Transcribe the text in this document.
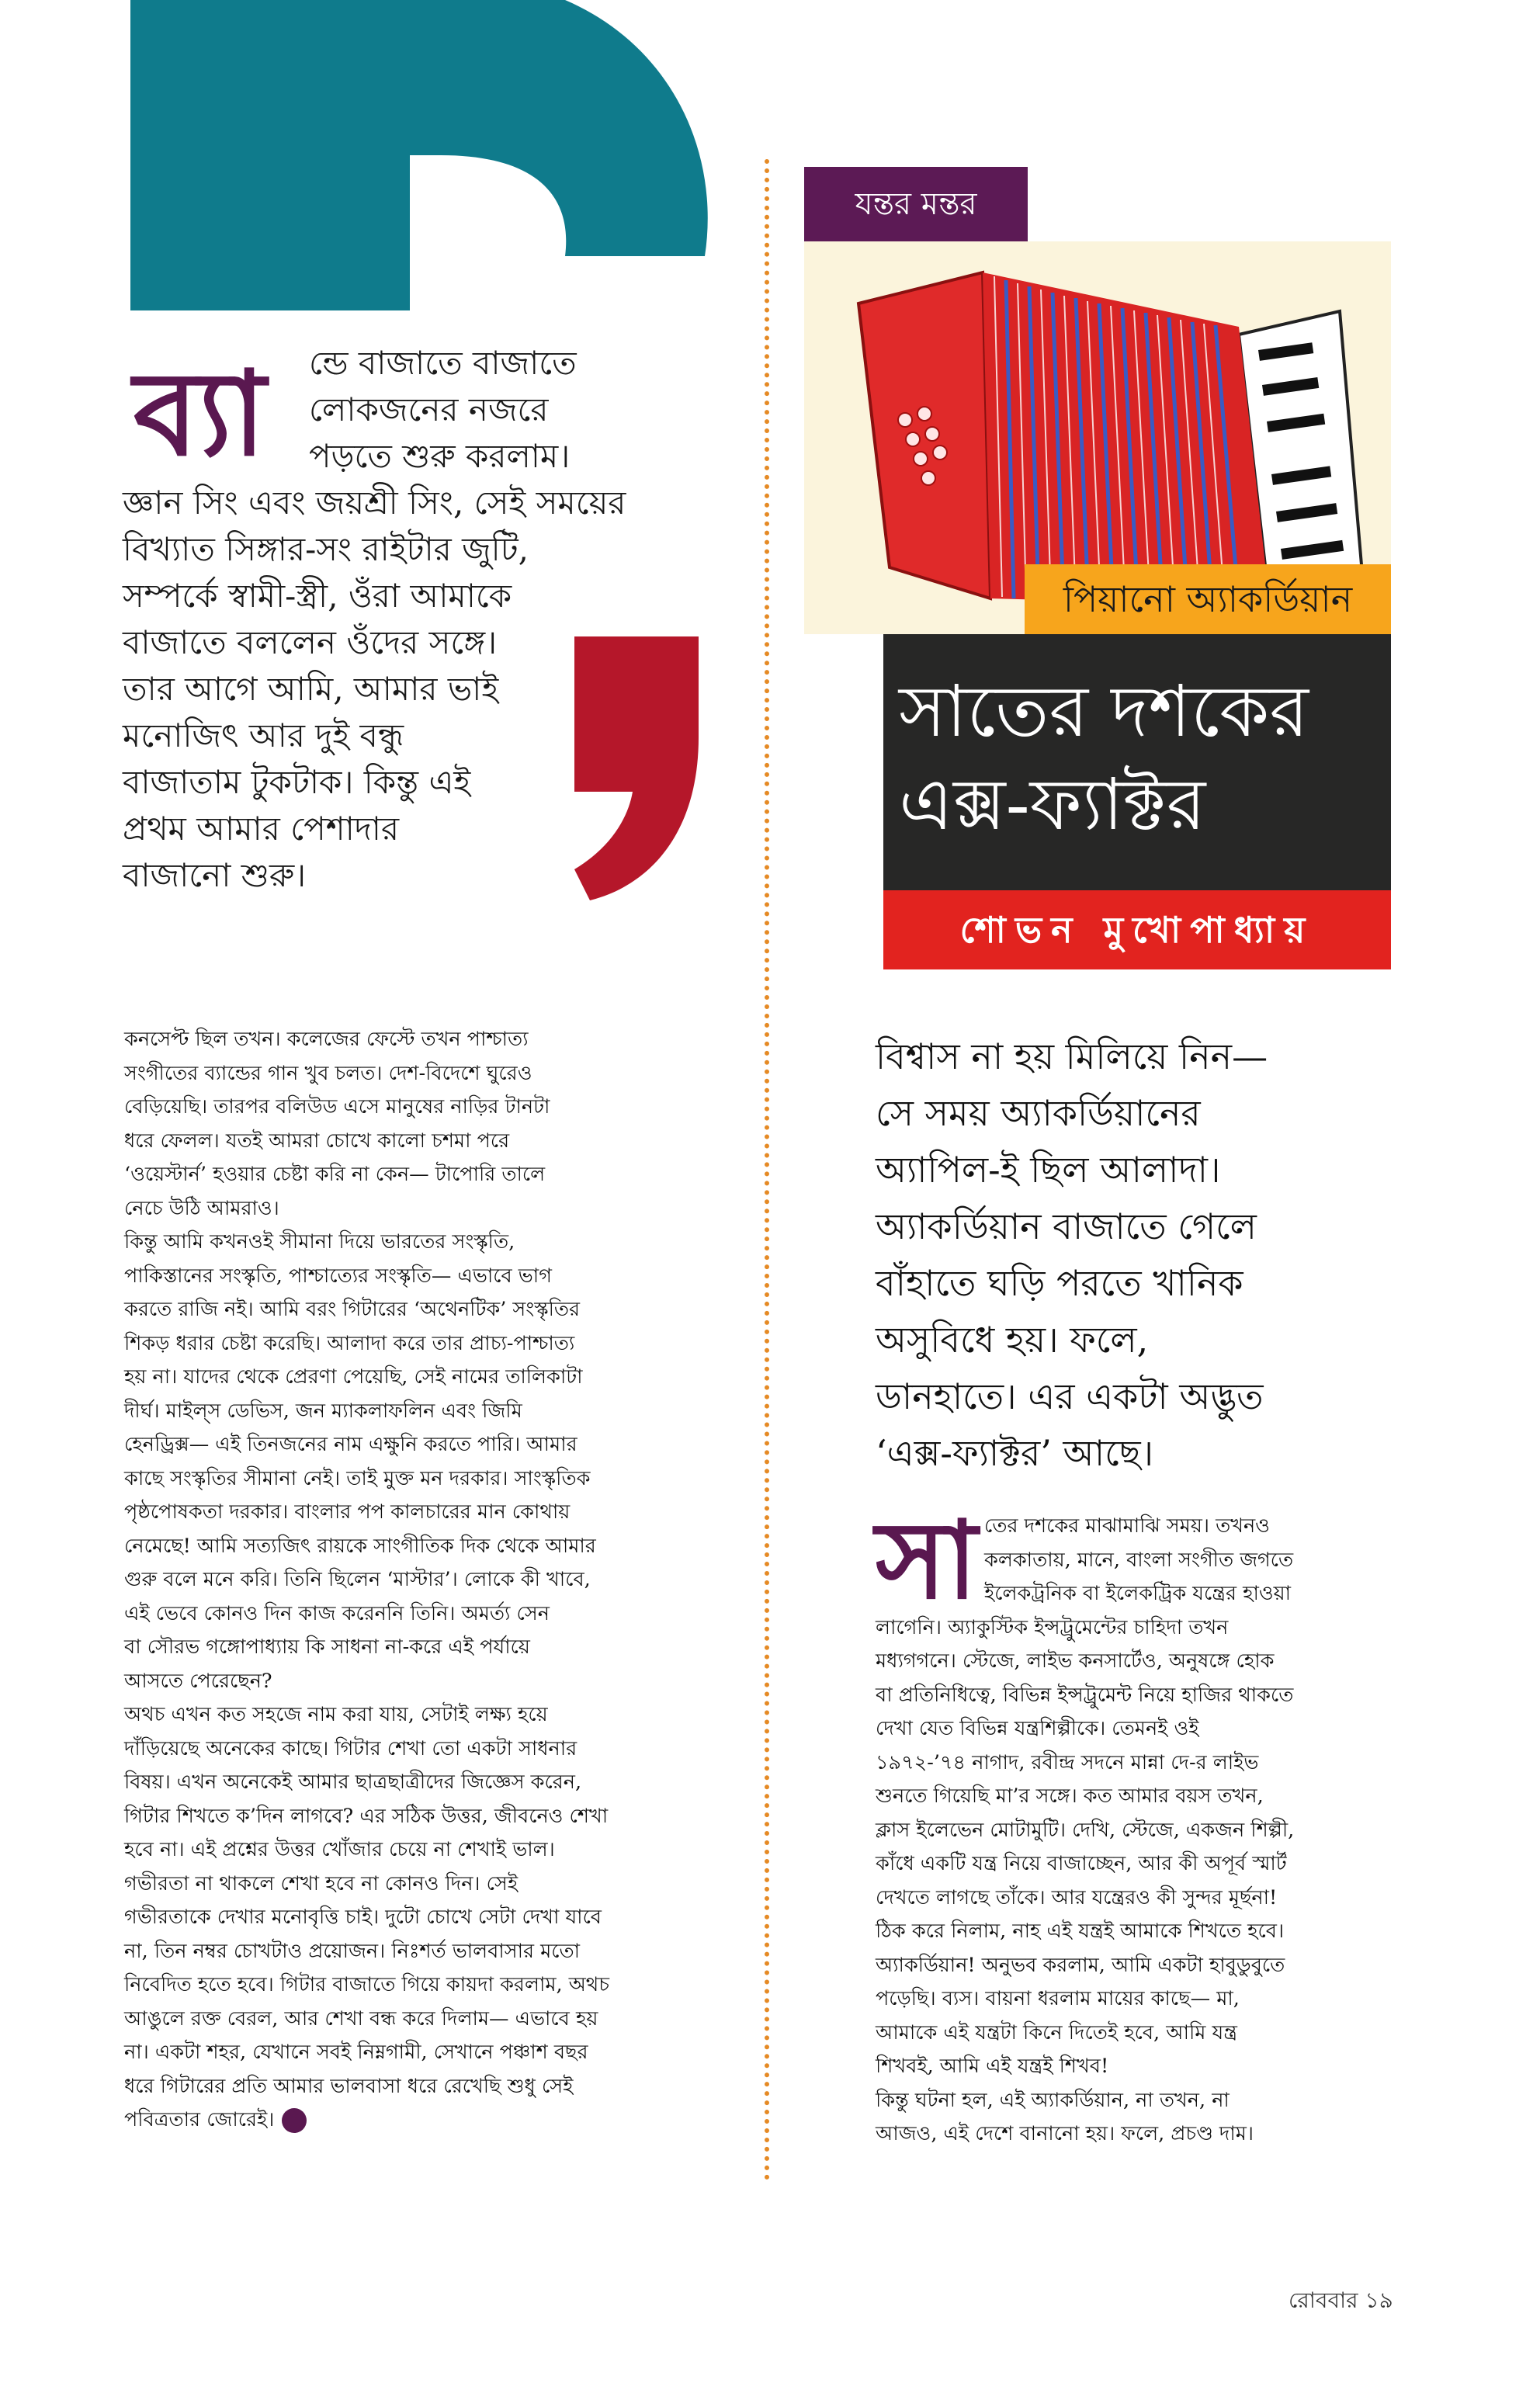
ব্যা	ন্ডে বাজাতে বাজাতে
লোকজনের নজরে
পড়তে শুরু করলাম।
জ্ঞান সিং এবং জয়শ্রী সিং, সেই সময়ের
বিখ্যাত সিঙ্গার-সং রাইটার জুটি,
সম্পর্কে স্বামী-স্ত্রী, ওঁরা আমাকে
বাজাতে বললেন ওঁদের সঙ্গে।
তার আগে আমি, আমার ভাই
মনোজিৎ আর দুই বন্ধু
বাজাতাম টুকটাক। কিন্তু এই
প্রথম আমার পেশাদার
বাজানো শুরু।
যন্তর মন্তর
পিয়ানো অ্যাকর্ডিয়ান
সাতের দশকের
এক্স-ফ্যাক্টর
শোভন মুখোপাধ্যায়
বিশ্বাস না হয় মিলিয়ে নিন—
সে সময় অ্যাকর্ডিয়ানের
অ্যাপিল-ই ছিল আলাদা।
অ্যাকর্ডিয়ান বাজাতে গেলে
বাঁহাতে ঘড়ি পরতে খানিক
অসুবিধে হয়। ফলে,
ডানহাতে। এর একটা অদ্ভুত
‘এক্স-ফ্যাক্টর’ আছে।
কনসেপ্ট ছিল তখন। কলেজের ফেস্টে তখন পাশ্চাত্য
সংগীতের ব্যান্ডের গান খুব চলত। দেশ-বিদেশে ঘুরেও
বেড়িয়েছি। তারপর বলিউড এসে মানুষের নাড়ির টানটা
ধরে ফেলল। যতই আমরা চোখে কালো চশমা পরে
‘ওয়েস্টার্ন’ হওয়ার চেষ্টা করি না কেন— টাপোরি তালে
নেচে উঠি আমরাও।
কিন্তু আমি কখনওই সীমানা দিয়ে ভারতের সংস্কৃতি,
পাকিস্তানের সংস্কৃতি, পাশ্চাত্যের সংস্কৃতি— এভাবে ভাগ
করতে রাজি নই। আমি বরং গিটারের ‘অথেনটিক’ সংস্কৃতির
শিকড় ধরার চেষ্টা করেছি। আলাদা করে তার প্রাচ্য-পাশ্চাত্য
হয় না। যাদের থেকে প্রেরণা পেয়েছি, সেই নামের তালিকাটা
দীর্ঘ। মাইল্‌স ডেভিস, জন ম্যাকলাফলিন এবং জিমি
হেনড্রিক্স— এই তিনজনের নাম এক্ষুনি করতে পারি। আমার
কাছে সংস্কৃতির সীমানা নেই। তাই মুক্ত মন দরকার। সাংস্কৃতিক
পৃষ্ঠপোষকতা দরকার। বাংলার পপ কালচারের মান কোথায়
নেমেছে! আমি সত্যজিৎ রায়কে সাংগীতিক দিক থেকে আমার
গুরু বলে মনে করি। তিনি ছিলেন ‘মাস্টার’। লোকে কী খাবে,
এই ভেবে কোনও দিন কাজ করেননি তিনি। অমর্ত্য সেন
বা সৌরভ গঙ্গোপাধ্যায় কি সাধনা না-করে এই পর্যায়ে
আসতে পেরেছেন?
অথচ এখন কত সহজে নাম করা যায়, সেটাই লক্ষ্য হয়ে
দাঁড়িয়েছে অনেকের কাছে। গিটার শেখা তো একটা সাধনার
বিষয়। এখন অনেকেই আমার ছাত্রছাত্রীদের জিজ্ঞেস করেন,
গিটার শিখতে ক’দিন লাগবে? এর সঠিক উত্তর, জীবনেও শেখা
হবে না। এই প্রশ্নের উত্তর খোঁজার চেয়ে না শেখাই ভাল।
গভীরতা না থাকলে শেখা হবে না কোনও দিন। সেই
গভীরতাকে দেখার মনোবৃত্তি চাই। দুটো চোখে সেটা দেখা যাবে
না, তিন নম্বর চোখটাও প্রয়োজন। নিঃশর্ত ভালবাসার মতো
নিবেদিত হতে হবে। গিটার বাজাতে গিয়ে কায়দা করলাম, অথচ
আঙুলে রক্ত বেরল, আর শেখা বন্ধ করে দিলাম— এভাবে হয়
না। একটা শহর, যেখানে সবই নিম্নগামী, সেখানে পঞ্চাশ বছর
ধরে গিটারের প্রতি আমার ভালবাসা ধরে রেখেছি শুধু সেই
পবিত্রতার জোরেই।
সা তের দশকের মাঝামাঝি সময়। তখনও
কলকাতায়, মানে, বাংলা সংগীত জগতে
ইলেকট্রনিক বা ইলেকট্রিক যন্ত্রের হাওয়া
লাগেনি। অ্যাকুস্টিক ইন্সট্রুমেন্টের চাহিদা তখন
মধ্যগগনে। স্টেজে, লাইভ কনসার্টেও, অনুষঙ্গে হোক
বা প্রতিনিধিত্বে, বিভিন্ন ইন্সট্রুমেন্ট নিয়ে হাজির থাকতে
দেখা যেত বিভিন্ন যন্ত্রশিল্পীকে। তেমনই ওই
১৯৭২-’৭৪ নাগাদ, রবীন্দ্র সদনে মান্না দে-র লাইভ
শুনতে গিয়েছি মা’র সঙ্গে। কত আমার বয়স তখন,
ক্লাস ইলেভেন মোটামুটি। দেখি, স্টেজে, একজন শিল্পী,
কাঁধে একটি যন্ত্র নিয়ে বাজাচ্ছেন, আর কী অপূর্ব স্মার্ট
দেখতে লাগছে তাঁকে। আর যন্ত্রেরও কী সুন্দর মূর্ছনা!
ঠিক করে নিলাম, নাহ এই যন্ত্রই আমাকে শিখতে হবে।
অ্যাকর্ডিয়ান! অনুভব করলাম, আমি একটা হাবুডুবুতে
পড়েছি। ব্যস। বায়না ধরলাম মায়ের কাছে— মা,
আমাকে এই যন্ত্রটা কিনে দিতেই হবে, আমি যন্ত্র
শিখবই, আমি এই যন্ত্রই শিখব!
কিন্তু ঘটনা হল, এই অ্যাকর্ডিয়ান, না তখন, না
আজও, এই দেশে বানানো হয়। ফলে, প্রচণ্ড দাম।
রোববার ১৯
